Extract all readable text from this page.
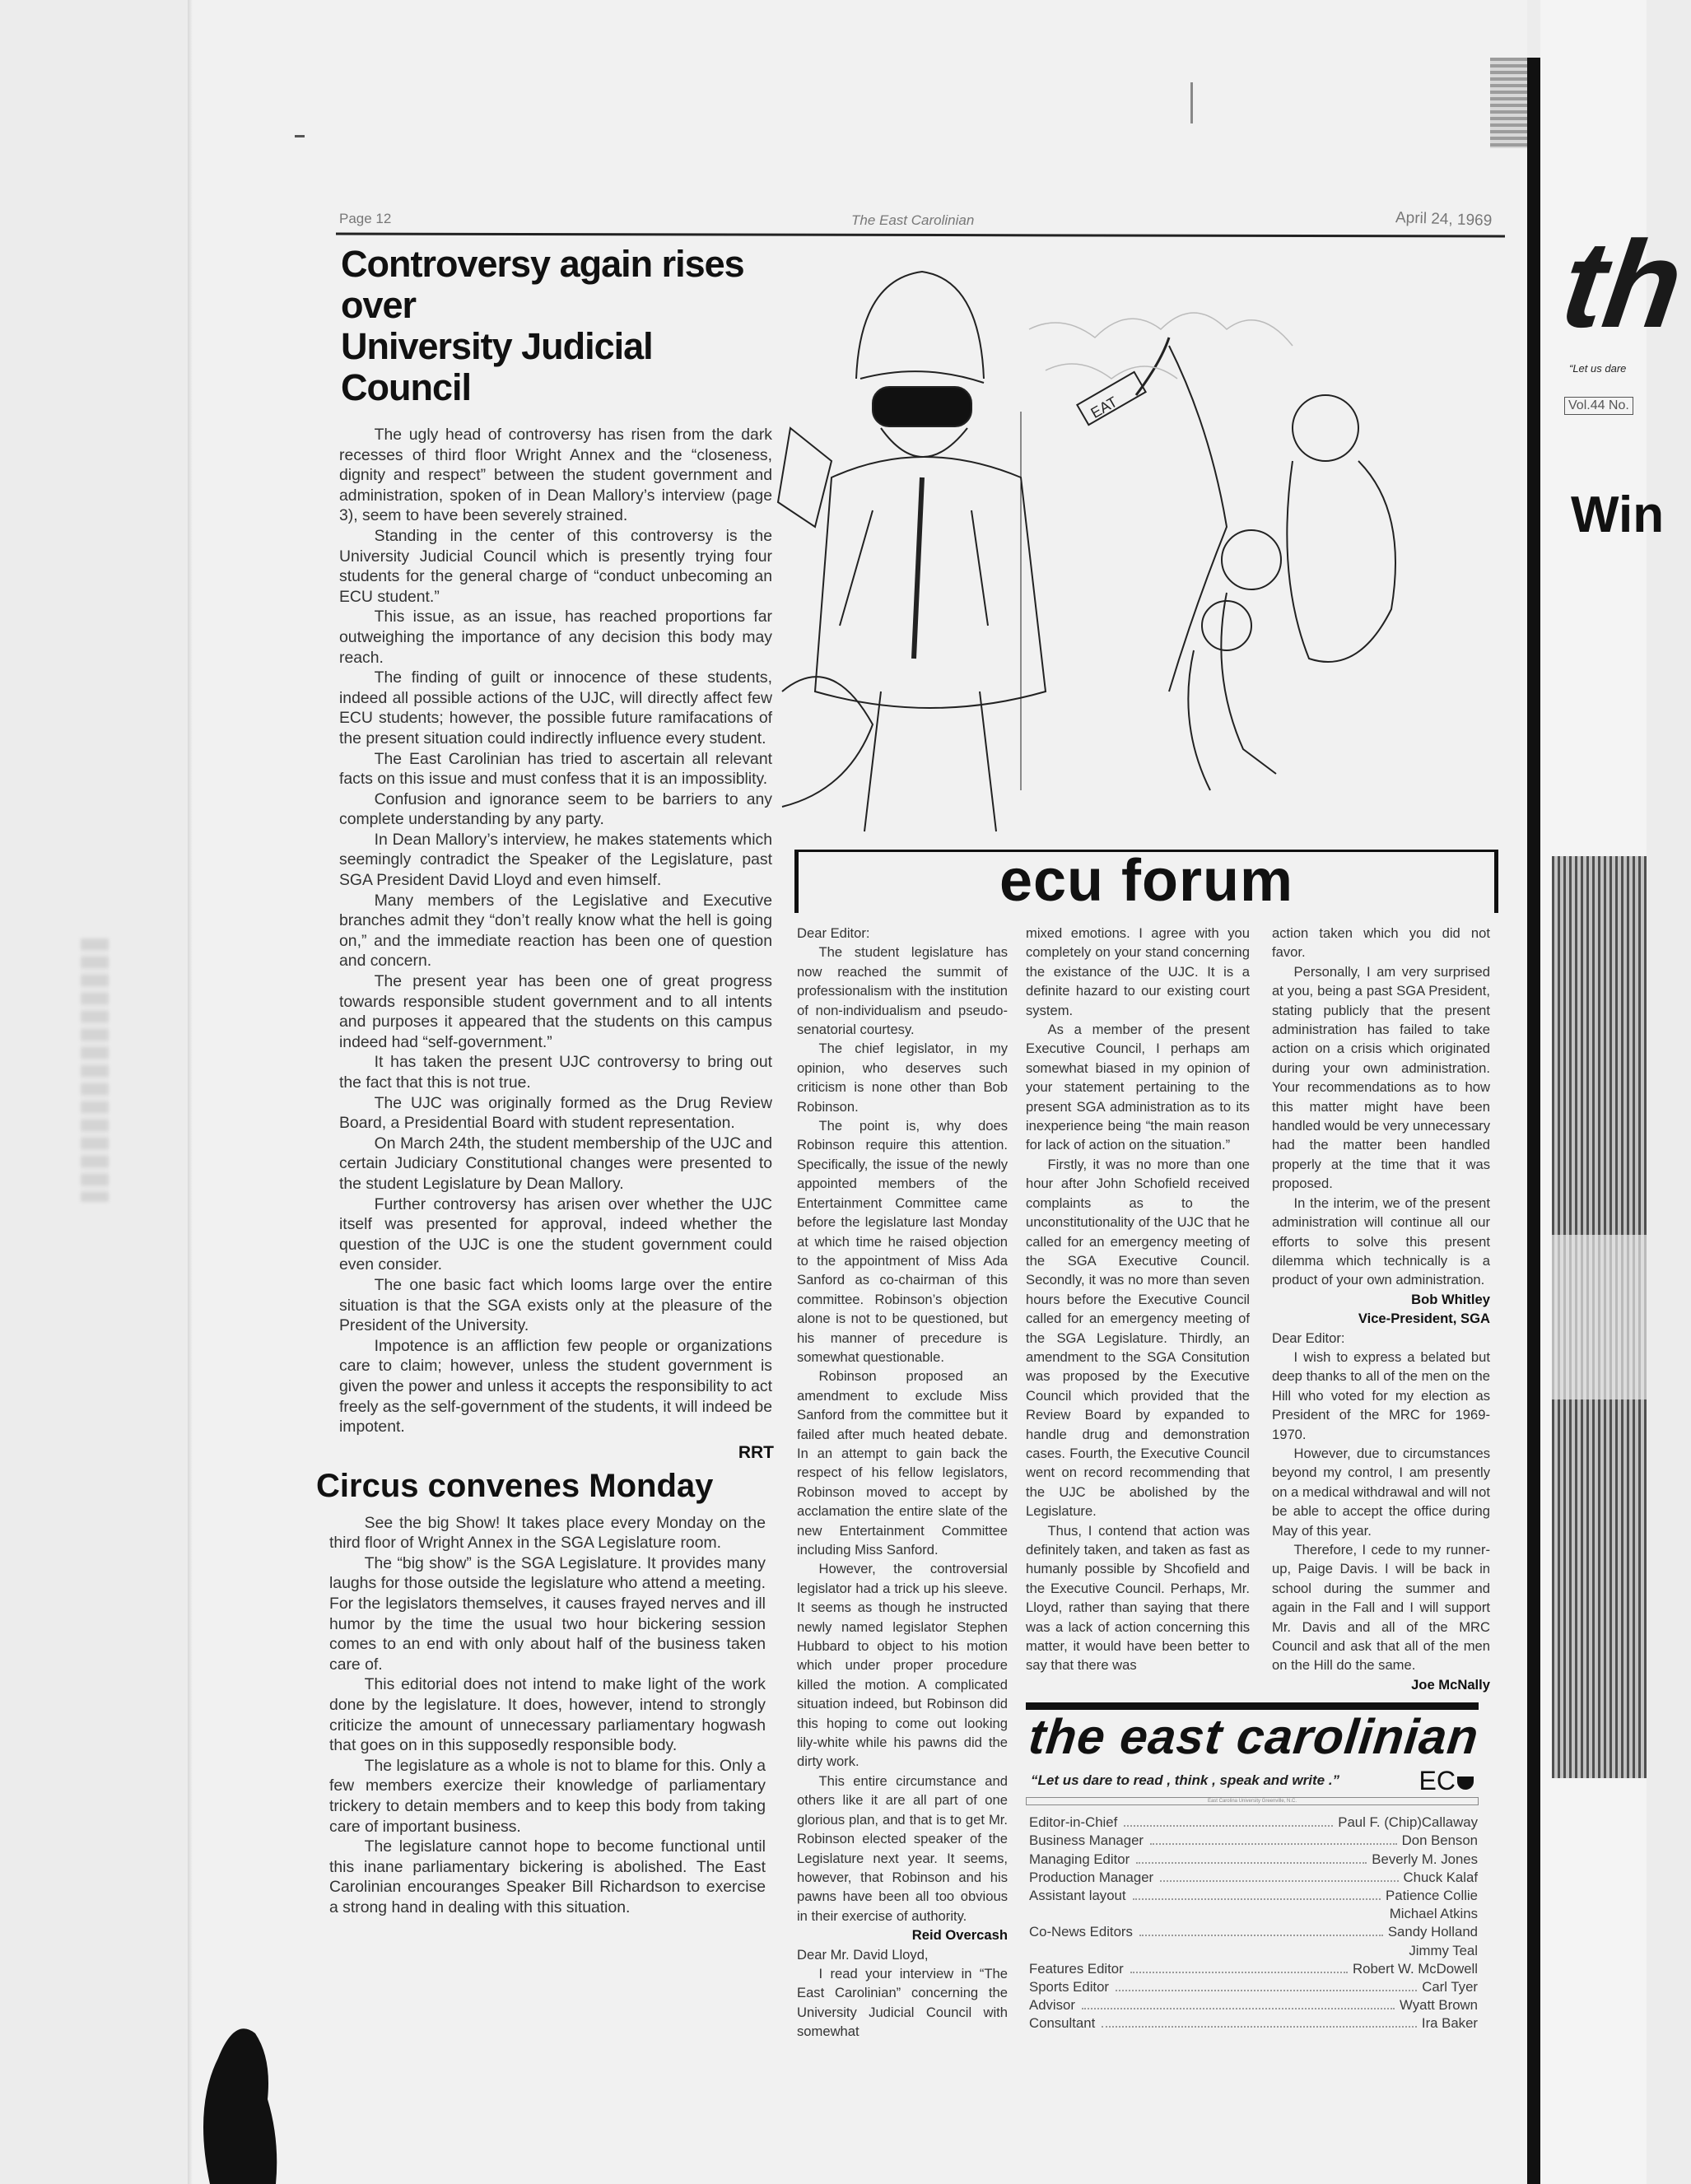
Page 12	The East Carolinian	April 24, 1969
Controversy again rises over
University Judicial Council

The ugly head of controversy has risen from the dark recesses of third floor Wright Annex and the “closeness, dignity and respect” between the student government and administration, spoken of in Dean Mallory’s interview (page 3), seem to have been severely strained.

Standing in the center of this controversy is the University Judicial Council which is presently trying four students for the general charge of “conduct unbecoming an ECU student.”

This issue, as an issue, has reached proportions far outweighing the importance of any decision this body may reach.

The finding of guilt or innocence of these students, indeed all possible actions of the UJC, will directly affect few ECU students; however, the possible future ramifacations of the present situation could indirectly influence every student.

The East Carolinian has tried to ascertain all relevant facts on this issue and must confess that it is an impossiblity.

Confusion and ignorance seem to be barriers to any complete understanding by any party.

In Dean Mallory’s interview, he makes statements which seemingly contradict the Speaker of the Legislature, past SGA President David Lloyd and even himself.

Many members of the Legislative and Executive branches admit they “don’t really know what the hell is going on,” and the immediate reaction has been one of question and concern.

The present year has been one of great progress towards responsible student government and to all intents and purposes it appeared that the students on this campus indeed had “self-government.”

It has taken the present UJC controversy to bring out the fact that this is not true.

The UJC was originally formed as the Drug Review Board, a Presidential Board with student representation.

On March 24th, the student membership of the UJC and certain Judiciary Constitutional changes were presented to the student Legislature by Dean Mallory.

Further controversy has arisen over whether the UJC itself was presented for approval, indeed whether the question of the UJC is one the student government could even consider.

The one basic fact which looms large over the entire situation is that the SGA exists only at the pleasure of the President of the University.

Impotence is an affliction few people or organizations care to claim; however, unless the student government is given the power and unless it accepts the responsibility to act freely as the self-government of the students, it will indeed be impotent.

RRT
Circus convenes Monday

See the big Show! It takes place every Monday on the third floor of Wright Annex in the SGA Legislature room.

The “big show” is the SGA Legislature. It provides many laughs for those outside the legislature who attend a meeting. For the legislators themselves, it causes frayed nerves and ill humor by the time the usual two hour bickering session comes to an end with only about half of the business taken care of.

This editorial does not intend to make light of the work done by the legislature. It does, however, intend to strongly criticize the amount of unnecessary parliamentary hogwash that goes on in this supposedly responsible body.

The legislature as a whole is not to blame for this. Only a few members exercize their knowledge of parliamentary trickery to detain members and to keep this body from taking care of important business.

The legislature cannot hope to become functional until this inane parliamentary bickering is abolished. The East Carolinian encouranges Speaker Bill Richardson to exercise a strong hand in dealing with this situation.

EAT
ecu forum

Dear Editor:

The student legislature has now reached the summit of professionalism with the institution of non-individualism and pseudo-senatorial courtesy.

The chief legislator, in my opinion, who deserves such criticism is none other than Bob Robinson.

The point is, why does Robinson require this attention. Specifically, the issue of the newly appointed members of the Entertainment Committee came before the legislature last Monday at which time he raised objection to the appointment of Miss Ada Sanford as co-chairman of this committee. Robinson’s objection alone is not to be questioned, but his manner of precedure is somewhat questionable.

Robinson proposed an amendment to exclude Miss Sanford from the committee but it failed after much heated debate. In an attempt to gain back the respect of his fellow legislators, Robinson moved to accept by acclamation the entire slate of the new Entertainment Committee including Miss Sanford.

However, the controversial legislator had a trick up his sleeve. It seems as though he instructed newly named legislator Stephen Hubbard to object to his motion which under proper procedure killed the motion. A complicated situation indeed, but Robinson did this hoping to come out looking lily-white while his pawns did the dirty work.

This entire circumstance and others like it are all part of one glorious plan, and that is to get Mr. Robinson elected speaker of the Legislature next year. It seems, however, that Robinson and his pawns have been all too obvious in their exercise of authority.

Reid Overcash

Dear Mr. David Lloyd,

I read your interview in “The East Carolinian” concerning the University Judicial Council with somewhat

mixed emotions. I agree with you completely on your stand concerning the existance of the UJC. It is a definite hazard to our existing court system.

As a member of the present Executive Council, I perhaps am somewhat biased in my opinion of your statement pertaining to the present SGA administration as to its inexperience being “the main reason for lack of action on the situation.”

Firstly, it was no more than one hour after John Schofield received complaints as to the unconstitutionality of the UJC that he called for an emergency meeting of the SGA Executive Council. Secondly, it was no more than seven hours before the Executive Council called for an emergency meeting of the SGA Legislature. Thirdly, an amendment to the SGA Consitution was proposed by the Executive Council which provided that the Review Board by expanded to handle drug and demonstration cases. Fourth, the Executive Council went on record recommending that the UJC be abolished by the Legislature.

Thus, I contend that action was definitely taken, and taken as fast as humanly possible by Shcofield and the Executive Council. Perhaps, Mr. Lloyd, rather than saying that there was a lack of action concerning this matter, it would have been better to say that there was

action taken which you did not favor.

Personally, I am very surprised at you, being a past SGA President, stating publicly that the present administration has failed to take action on a crisis which originated during your own administration. Your recommendations as to how this matter might have been handled would be very unnecessary had the matter been handled properly at the time that it was proposed.

In the interim, we of the present administration will continue all our efforts to solve this present dilemma which technically is a product of your own administration.

Bob Whitley

Vice-President, SGA

Dear Editor:

I wish to express a belated but deep thanks to all of the men on the Hill who voted for my election as President of the MRC for 1969-1970.

However, due to circumstances beyond my control, I am presently on a medical withdrawal and will not be able to accept the office during May of this year.

Therefore, I cede to my runner-up, Paige Davis. I will be back in school during the summer and again in the Fall and I will support Mr. Davis and all of the MRC Council and ask that all of the men on the Hill do the same.

Joe McNally

the east carolinian
“Let us dare to read , think , speak and write .”	EC
East Carolina University Greenville, N.C.
Editor-in-Chief	Paul F. (Chip)Callaway
Business Manager	Don Benson
Managing Editor	Beverly M. Jones
Production Manager	Chuck Kalaf
Assistant layout	Patience Collie
Michael Atkins
Co-News Editors	Sandy Holland
Jimmy Teal
Features Editor	Robert W. McDowell
Sports Editor	Carl Tyer
Advisor	Wyatt Brown
Consultant	Ira Baker
th
“Let us dare
Vol.44 No.
Win
